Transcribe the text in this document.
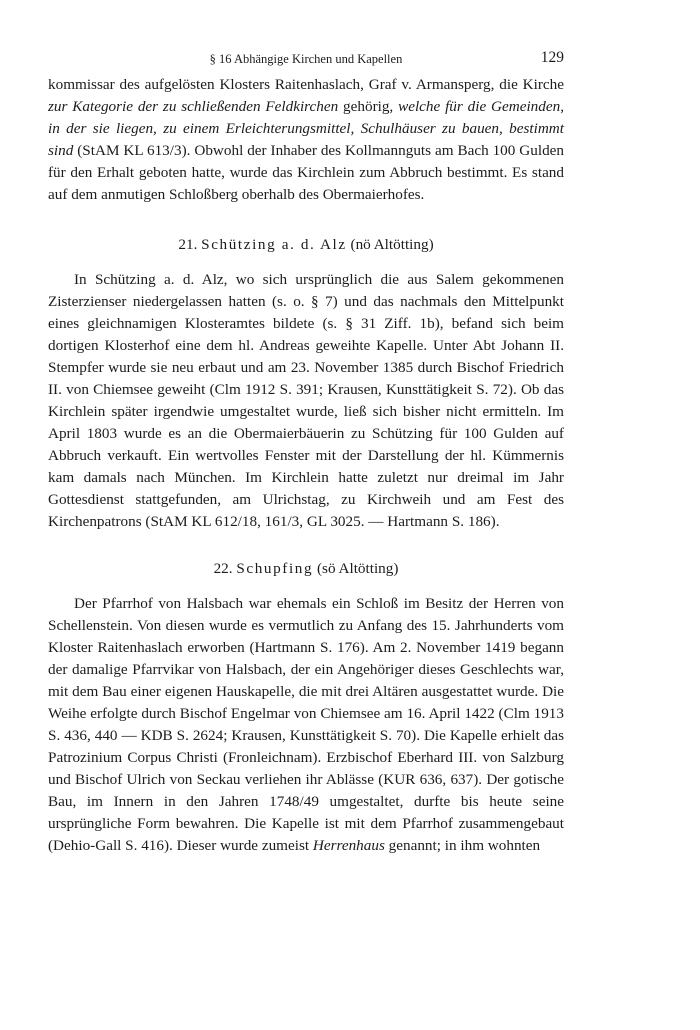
§ 16 Abhängige Kirchen und Kapellen	129

kommissar des aufgelösten Klosters Raitenhaslach, Graf v. Armansperg, die Kirche zur Kategorie der zu schließenden Feldkirchen gehörig, welche für die Gemeinden, in der sie liegen, zu einem Erleichterungsmittel, Schulhäuser zu bauen, bestimmt sind (StAM KL 613/3). Obwohl der Inhaber des Kollmannguts am Bach 100 Gulden für den Erhalt geboten hatte, wurde das Kirchlein zum Abbruch bestimmt. Es stand auf dem anmutigen Schloßberg oberhalb des Obermaierhofes.

21. Schützing a. d. Alz (nö Altötting)

In Schützing a. d. Alz, wo sich ursprünglich die aus Salem gekommenen Zisterzienser niedergelassen hatten (s. o. § 7) und das nachmals den Mittelpunkt eines gleichnamigen Klosteramtes bildete (s. § 31 Ziff. 1b), befand sich beim dortigen Klosterhof eine dem hl. Andreas geweihte Kapelle. Unter Abt Johann II. Stempfer wurde sie neu erbaut und am 23. November 1385 durch Bischof Friedrich II. von Chiemsee geweiht (Clm 1912 S. 391; Krausen, Kunsttätigkeit S. 72). Ob das Kirchlein später irgendwie umgestaltet wurde, ließ sich bisher nicht ermitteln. Im April 1803 wurde es an die Obermaierbäuerin zu Schützing für 100 Gulden auf Abbruch verkauft. Ein wertvolles Fenster mit der Darstellung der hl. Kümmernis kam damals nach München. Im Kirchlein hatte zuletzt nur dreimal im Jahr Gottesdienst stattgefunden, am Ulrichstag, zu Kirchweih und am Fest des Kirchenpatrons (StAM KL 612/18, 161/3, GL 3025. — Hartmann S. 186).

22. Schupfing (sö Altötting)

Der Pfarrhof von Halsbach war ehemals ein Schloß im Besitz der Herren von Schellenstein. Von diesen wurde es vermutlich zu Anfang des 15. Jahrhunderts vom Kloster Raitenhaslach erworben (Hartmann S. 176). Am 2. November 1419 begann der damalige Pfarrvikar von Halsbach, der ein Angehöriger dieses Geschlechts war, mit dem Bau einer eigenen Hauskapelle, die mit drei Altären ausgestattet wurde. Die Weihe erfolgte durch Bischof Engelmar von Chiemsee am 16. April 1422 (Clm 1913 S. 436, 440 — KDB S. 2624; Krausen, Kunsttätigkeit S. 70). Die Kapelle erhielt das Patrozinium Corpus Christi (Fronleichnam). Erzbischof Eberhard III. von Salzburg und Bischof Ulrich von Seckau verliehen ihr Ablässe (KUR 636, 637). Der gotische Bau, im Innern in den Jahren 1748/49 umgestaltet, durfte bis heute seine ursprüngliche Form bewahren. Die Kapelle ist mit dem Pfarrhof zusammengebaut (Dehio-Gall S. 416). Dieser wurde zumeist Herrenhaus genannt; in ihm wohnten
